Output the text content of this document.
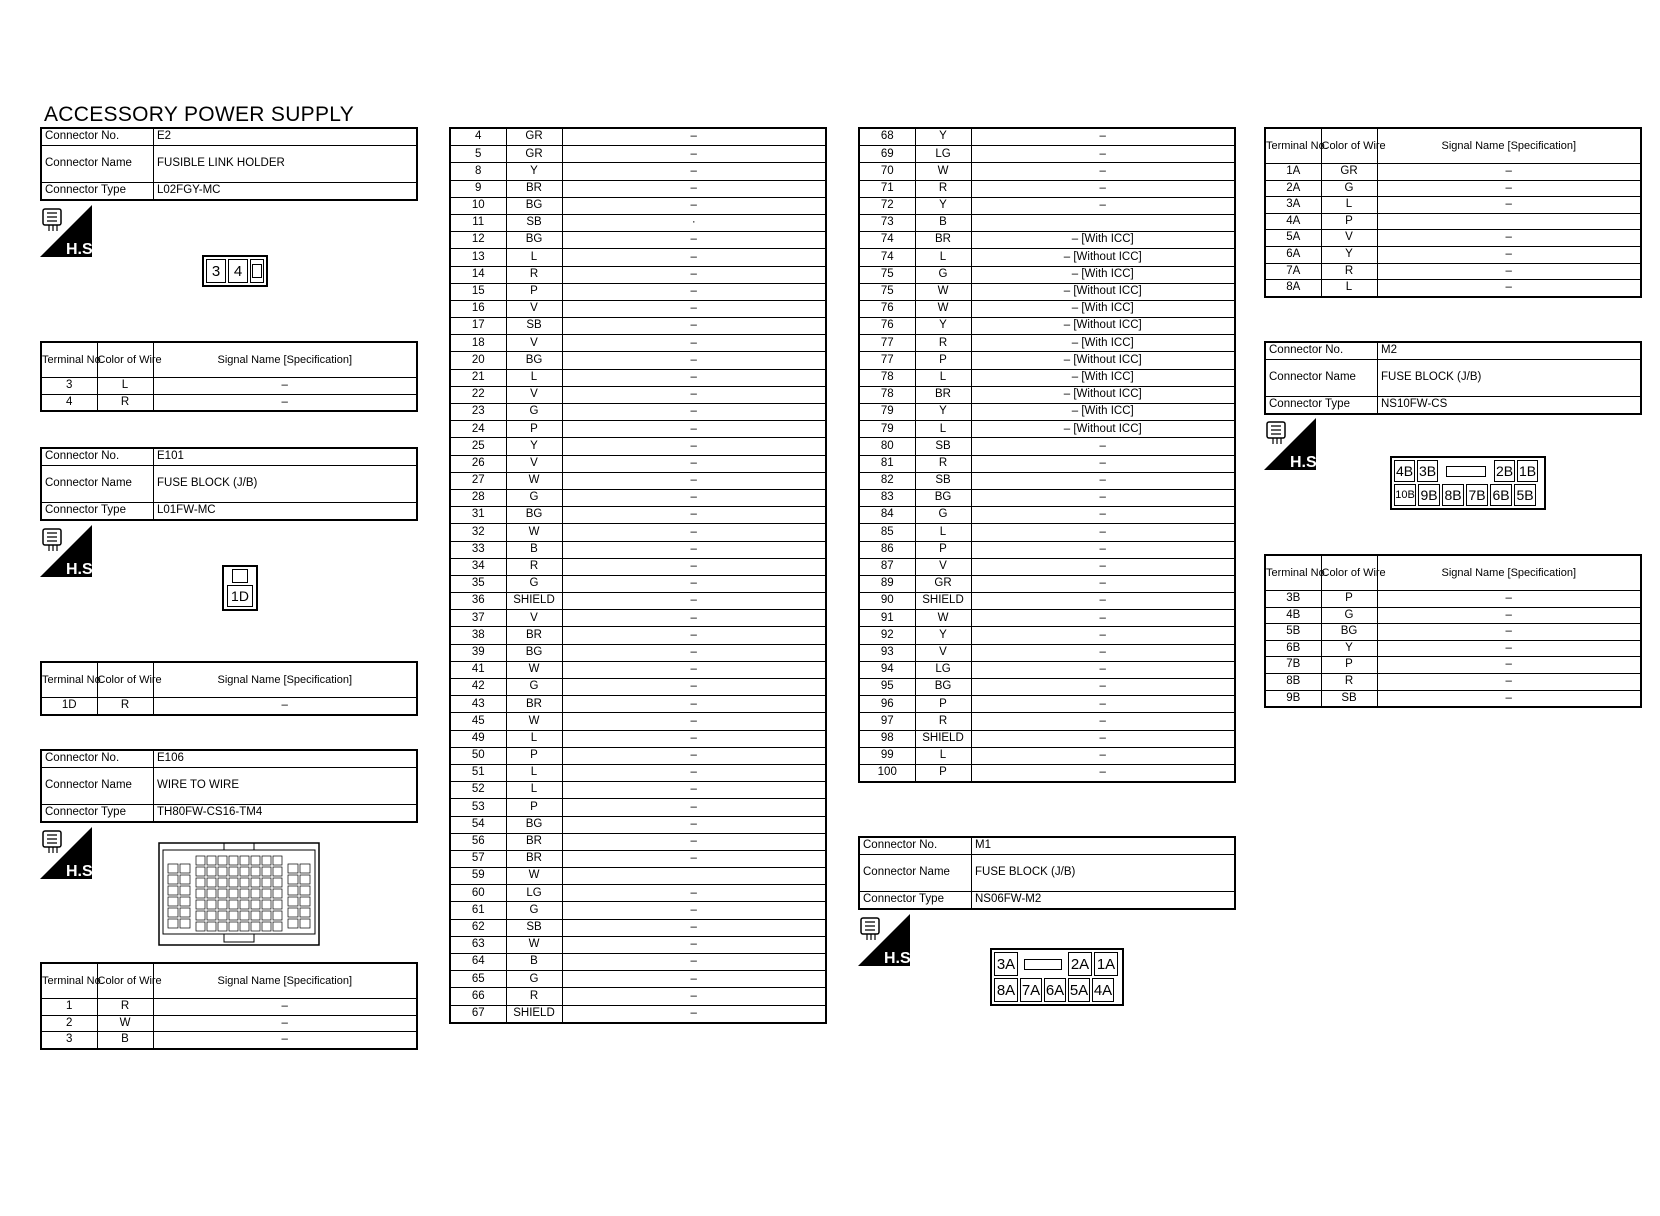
ACCESSORY POWER SUPPLY
Connector No.	E2
Connector Name	FUSIBLE LINK HOLDER
Connector Type	L02FGY-MC
H.S.
3 4
Terminal No.	Color of Wire	Signal Name [Specification]
3	L	–
4	R	–
Connector No.	E101
Connector Name	FUSE BLOCK (J/B)
Connector Type	L01FW-MC
H.S.
1D
Terminal No.	Color of Wire	Signal Name [Specification]
1D	R	–
Connector No.	E106
Connector Name	WIRE TO WIRE
Connector Type	TH80FW-CS16-TM4
H.S.
Terminal No.	Color of Wire	Signal Name [Specification]
1	R	–
2	W	–
3	B	–
4	GR	–
5	GR	–
8	Y	–
9	BR	–
10	BG	–
11	SB	·
12	BG	–
13	L	–
14	R	–
15	P	–
16	V	–
17	SB	–
18	V	–
20	BG	–
21	L	–
22	V	–
23	G	–
24	P	–
25	Y	–
26	V	–
27	W	–
28	G	–
31	BG	–
32	W	–
33	B	–
34	R	–
35	G	–
36	SHIELD	–
37	V	–
38	BR	–
39	BG	–
41	W	–
42	G	–
43	BR	–
45	W	–
49	L	–
50	P	–
51	L	–
52	L	–
53	P	–
54	BG	–
56	BR	–
57	BR	–
59	W	
60	LG	–
61	G	–
62	SB	–
63	W	–
64	B	–
65	G	–
66	R	–
67	SHIELD	–
68	Y	–
69	LG	–
70	W	–
71	R	–
72	Y	–
73	B	
74	BR	– [With ICC]
74	L	– [Without ICC]
75	G	– [With ICC]
75	W	– [Without ICC]
76	W	– [With ICC]
76	Y	– [Without ICC]
77	R	– [With ICC]
77	P	– [Without ICC]
78	L	– [With ICC]
78	BR	– [Without ICC]
79	Y	– [With ICC]
79	L	– [Without ICC]
80	SB	–
81	R	–
82	SB	–
83	BG	–
84	G	–
85	L	–
86	P	–
87	V	–
89	GR	–
90	SHIELD	–
91	W	–
92	Y	–
93	V	–
94	LG	–
95	BG	–
96	P	–
97	R	–
98	SHIELD	–
99	L	–
100	P	–
Connector No.	M1
Connector Name	FUSE BLOCK (J/B)
Connector Type	NS06FW-M2
H.S.	3A	2A 1A
8A 7A 6A 5A 4A
Terminal No.	Color of Wire	Signal Name [Specification]
1A	GR	–
2A	G	–
3A	L	–
4A	P	
5A	V	–
6A	Y	–
7A	R	–
8A	L	–
Connector No.	M2
Connector Name	FUSE BLOCK (J/B)
Connector Type	NS10FW-CS
H.S.	4B 3B	2B 1B
10B 9B 8B 7B 6B 5B
Terminal No.	Color of Wire	Signal Name [Specification]
3B	P	–
4B	G	–
5B	BG	–
6B	Y	–
7B	P	–
8B	R	–
9B	SB	–
